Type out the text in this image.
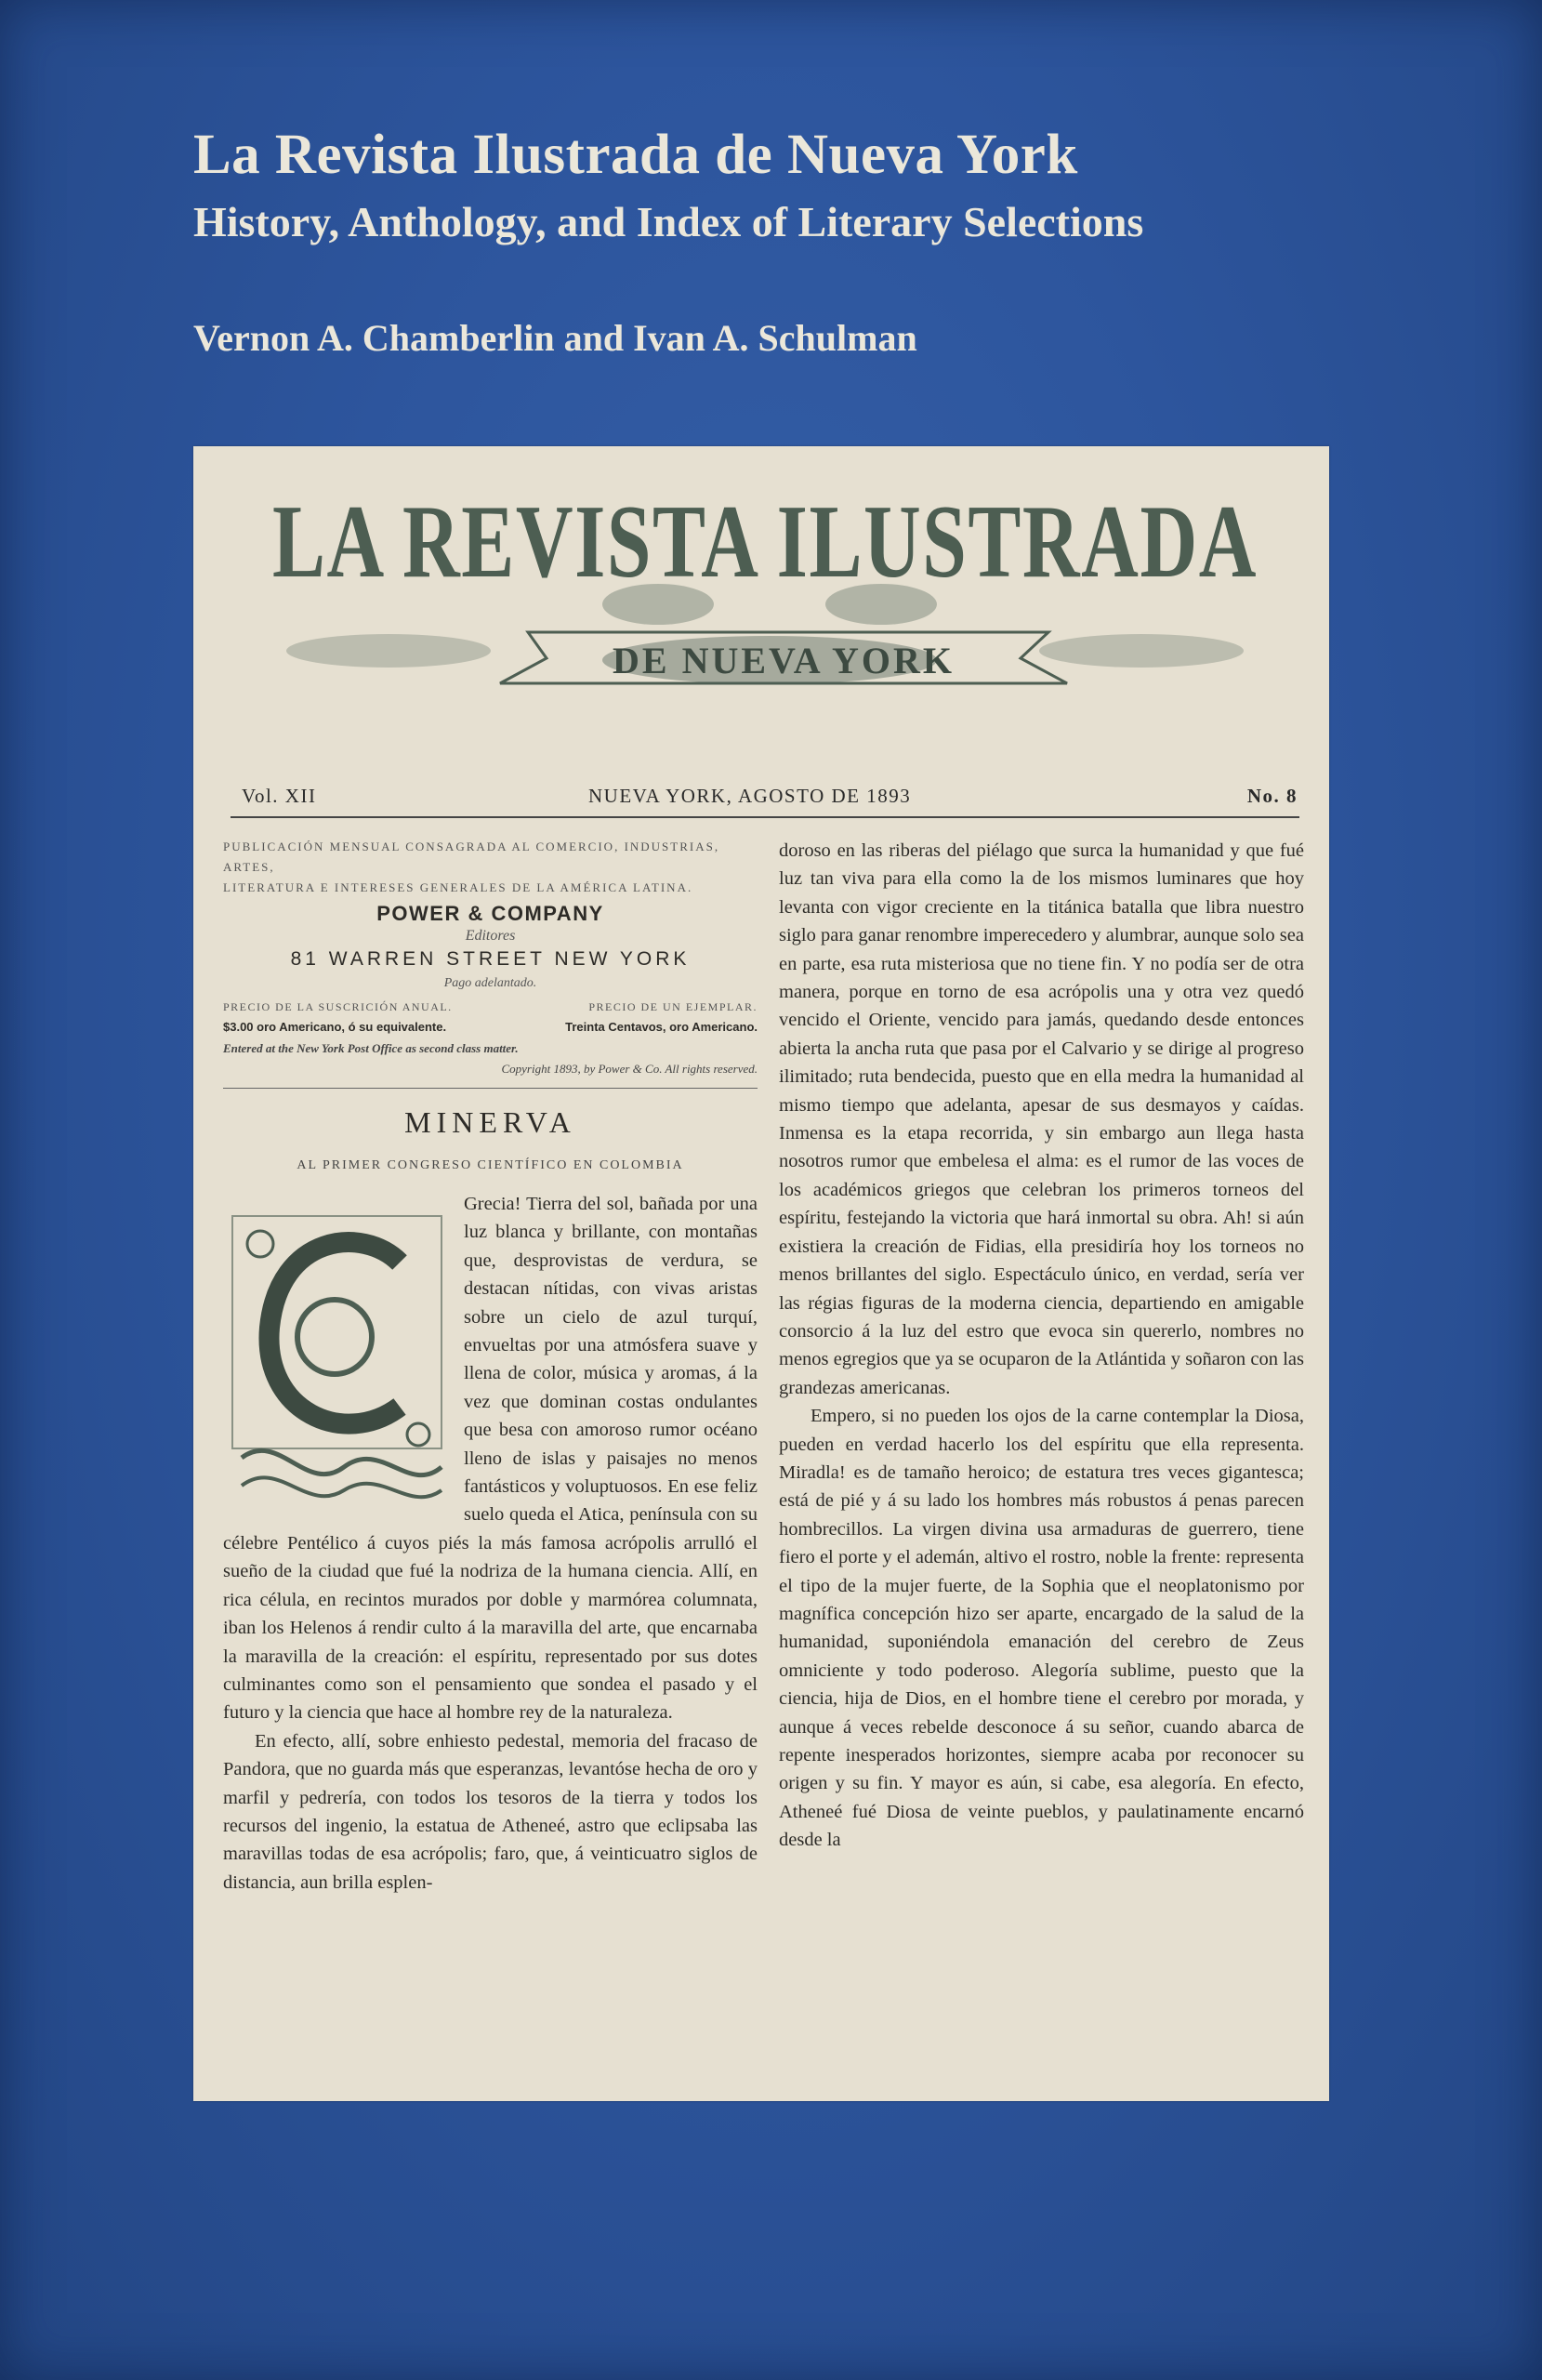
La Revista Ilustrada de Nueva York
History, Anthology, and Index of Literary Selections
Vernon A. Chamberlin and Ivan A. Schulman
LA REVISTA ILUSTRADA
DE NUEVA YORK
Vol. XII	NUEVA YORK, AGOSTO DE 1893	No. 8
PUBLICACIÓN MENSUAL CONSAGRADA AL COMERCIO, INDUSTRIAS, ARTES,
LITERATURA E INTERESES GENERALES DE LA AMÉRICA LATINA.
POWER & COMPANY
Editores
81 WARREN STREET NEW YORK
Pago adelantado.
PRECIO DE LA SUSCRICIÓN ANUAL.	PRECIO DE UN EJEMPLAR.
$3.00 oro Americano, ó su equivalente.	Treinta Centavos, oro Americano.
Entered at the New York Post Office as second class matter.
Copyright 1893, by Power & Co. All rights reserved.
MINERVA
AL PRIMER CONGRESO CIENTÍFICO EN COLOMBIA

Grecia! Tierra del sol, bañada por una luz blanca y brillante, con montañas que, desprovistas de verdura, se destacan nítidas, con vivas aristas sobre un cielo de azul turquí, envueltas por una atmósfera suave y llena de color, música y aromas, á la vez que dominan costas ondulantes que besa con amoroso rumor océano lleno de islas y paisajes no menos fantásticos y voluptuosos. En ese feliz suelo queda el Atica, península con su célebre Pentélico á cuyos piés la más famosa acrópolis arrulló el sueño de la ciudad que fué la nodriza de la humana ciencia. Allí, en rica célula, en recintos murados por doble y marmórea columnata, iban los Helenos á rendir culto á la maravilla del arte, que encarnaba la maravilla de la creación: el espíritu, representado por sus dotes culminantes como son el pensamiento que sondea el pasado y el futuro y la ciencia que hace al hombre rey de la naturaleza.

En efecto, allí, sobre enhiesto pedestal, memoria del fracaso de Pandora, que no guarda más que esperanzas, levantóse hecha de oro y marfil y pedrería, con todos los tesoros de la tierra y todos los recursos del ingenio, la estatua de Atheneé, astro que eclipsaba las maravillas todas de esa acrópolis; faro, que, á veinticuatro siglos de distancia, aun brilla esplen-

doroso en las riberas del piélago que surca la humanidad y que fué luz tan viva para ella como la de los mismos luminares que hoy levanta con vigor creciente en la titánica batalla que libra nuestro siglo para ganar renombre imperecedero y alumbrar, aunque solo sea en parte, esa ruta misteriosa que no tiene fin. Y no podía ser de otra manera, porque en torno de esa acrópolis una y otra vez quedó vencido el Oriente, vencido para jamás, quedando desde entonces abierta la ancha ruta que pasa por el Calvario y se dirige al progreso ilimitado; ruta bendecida, puesto que en ella medra la humanidad al mismo tiempo que adelanta, apesar de sus desmayos y caídas. Inmensa es la etapa recorrida, y sin embargo aun llega hasta nosotros rumor que embelesa el alma: es el rumor de las voces de los académicos griegos que celebran los primeros torneos del espíritu, festejando la victoria que hará inmortal su obra. Ah! si aún existiera la creación de Fidias, ella presidiría hoy los torneos no menos brillantes del siglo. Espectáculo único, en verdad, sería ver las régias figuras de la moderna ciencia, departiendo en amigable consorcio á la luz del estro que evoca sin quererlo, nombres no menos egregios que ya se ocuparon de la Atlántida y soñaron con las grandezas americanas.

Empero, si no pueden los ojos de la carne contemplar la Diosa, pueden en verdad hacerlo los del espíritu que ella representa. Miradla! es de tamaño heroico; de estatura tres veces gigantesca; está de pié y á su lado los hombres más robustos á penas parecen hombrecillos. La virgen divina usa armaduras de guerrero, tiene fiero el porte y el ademán, altivo el rostro, noble la frente: representa el tipo de la mujer fuerte, de la Sophia que el neoplatonismo por magnífica concepción hizo ser aparte, encargado de la salud de la humanidad, suponiéndola emanación del cerebro de Zeus omniciente y todo poderoso. Alegoría sublime, puesto que la ciencia, hija de Dios, en el hombre tiene el cerebro por morada, y aunque á veces rebelde desconoce á su señor, cuando abarca de repente inesperados horizontes, siempre acaba por reconocer su origen y su fin. Y mayor es aún, si cabe, esa alegoría. En efecto, Atheneé fué Diosa de veinte pueblos, y paulatinamente encarnó desde la
